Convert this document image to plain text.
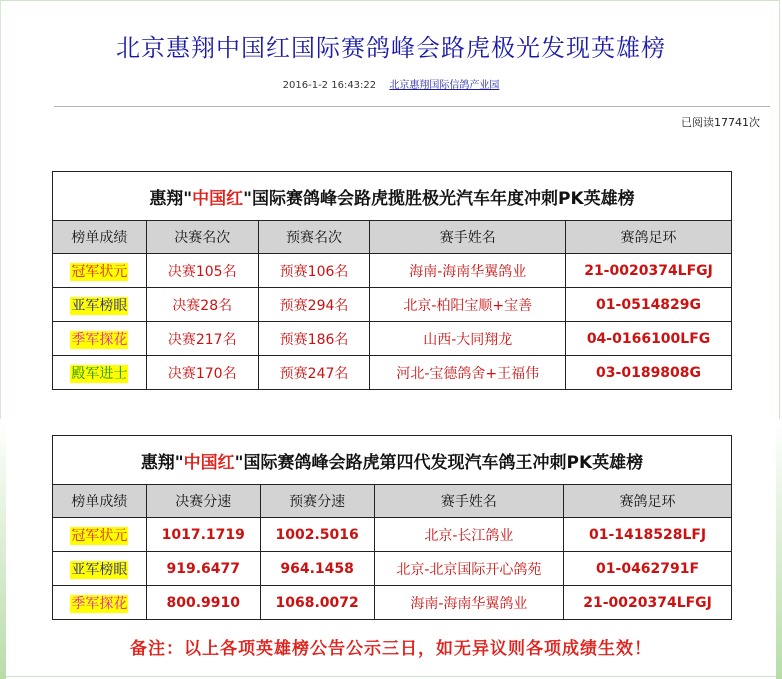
北京惠翔中国红国际赛鸽峰会路虎极光发现英雄榜
2016-1-2 16:43:22 北京惠翔国际信鸽产业园
已阅读17741次
惠翔"中国红"国际赛鸽峰会路虎揽胜极光汽车年度冲刺PK英雄榜				
榜单成绩	决赛名次	预赛名次	赛手姓名	赛鸽足环
冠军状元	决赛105名	预赛106名	海南-海南华翼鸽业	21-0020374LFGJ
亚军榜眼	决赛28名	预赛294名	北京-柏阳宝顺+宝善	01-0514829G
季军探花	决赛217名	预赛186名	山西-大同翔龙	04-0166100LFG
殿军进士	决赛170名	预赛247名	河北-宝德鸽舍+王福伟	03-0189808G
惠翔"中国红"国际赛鸽峰会路虎第四代发现汽车鸽王冲刺PK英雄榜				
榜单成绩	决赛分速	预赛分速	赛手姓名	赛鸽足环
冠军状元	1017.1719	1002.5016	北京-长江鸽业	01-1418528LFJ
亚军榜眼	919.6477	964.1458	北京-北京国际开心鸽苑	01-0462791F
季军探花	800.9910	1068.0072	海南-海南华翼鸽业	21-0020374LFGJ
备注：以上各项英雄榜公告公示三日，如无异议则各项成绩生效！
